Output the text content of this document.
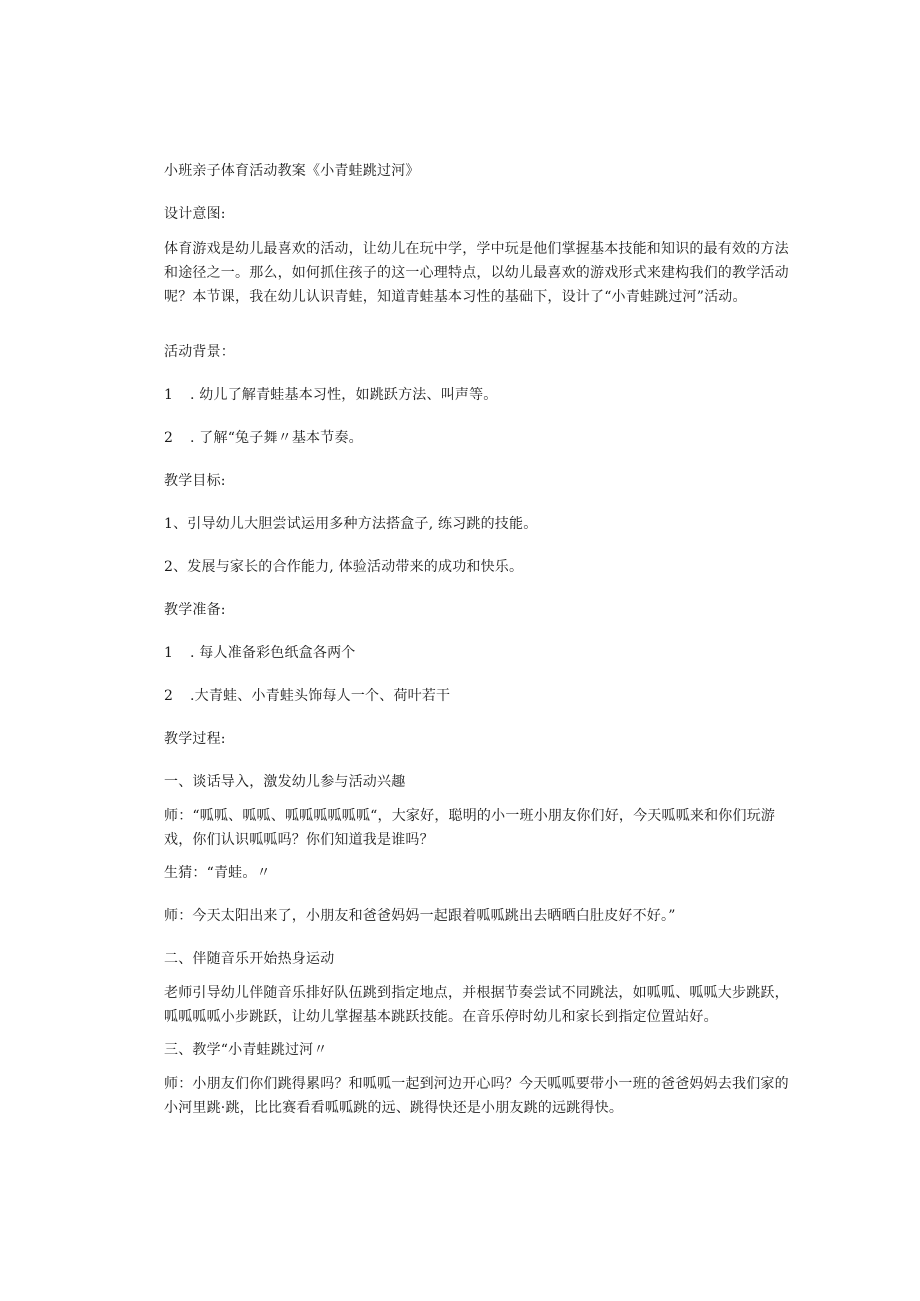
小班亲子体育活动教案《小青蛙跳过河》
设计意图:
体育游戏是幼儿最喜欢的活动，让幼儿在玩中学，学中玩是他们掌握基本技能和知识的最有效的方法和途径之一。那么，如何抓住孩子的这一心理特点，以幼儿最喜欢的游戏形式来建构我们的教学活动呢？本节课，我在幼儿认识青蛙，知道青蛙基本习性的基础下，设计了“小青蛙跳过河”活动。
活动背景：
1 . 幼儿了解青蛙基本习性，如跳跃方法、叫声等。
2 . 了解“兔子舞〃基本节奏。
教学目标:
1、引导幼儿大胆尝试运用多种方法搭盒子, 练习跳的技能。
2、发展与家长的合作能力, 体验活动带来的成功和快乐。
教学准备:
1 . 每人准备彩色纸盒各两个
2 .大青蛙、小青蛙头饰每人一个、荷叶若干
教学过程:
一、谈话导入，激发幼儿参与活动兴趣
师：“呱呱、呱呱、呱呱呱呱呱呱“，大家好，聪明的小一班小朋友你们好，今天呱呱来和你们玩游戏，你们认识呱呱吗？你们知道我是谁吗？
生猜：“青蛙。〃
师：今天太阳出来了，小朋友和爸爸妈妈一起跟着呱呱跳出去晒晒白肚皮好不好。”
二、伴随音乐开始热身运动
老师引导幼儿伴随音乐排好队伍跳到指定地点，并根据节奏尝试不同跳法，如呱呱、呱呱大步跳跃，呱呱呱呱小步跳跃，让幼儿掌握基本跳跃技能。在音乐停时幼儿和家长到指定位置站好。
三、教学“小青蛙跳过河〃
师：小朋友们你们跳得累吗？和呱呱一起到河边开心吗？今天呱呱要带小一班的爸爸妈妈去我们家的小河里跳·跳，比比赛看看呱呱跳的远、跳得快还是小朋友跳的远跳得快。
